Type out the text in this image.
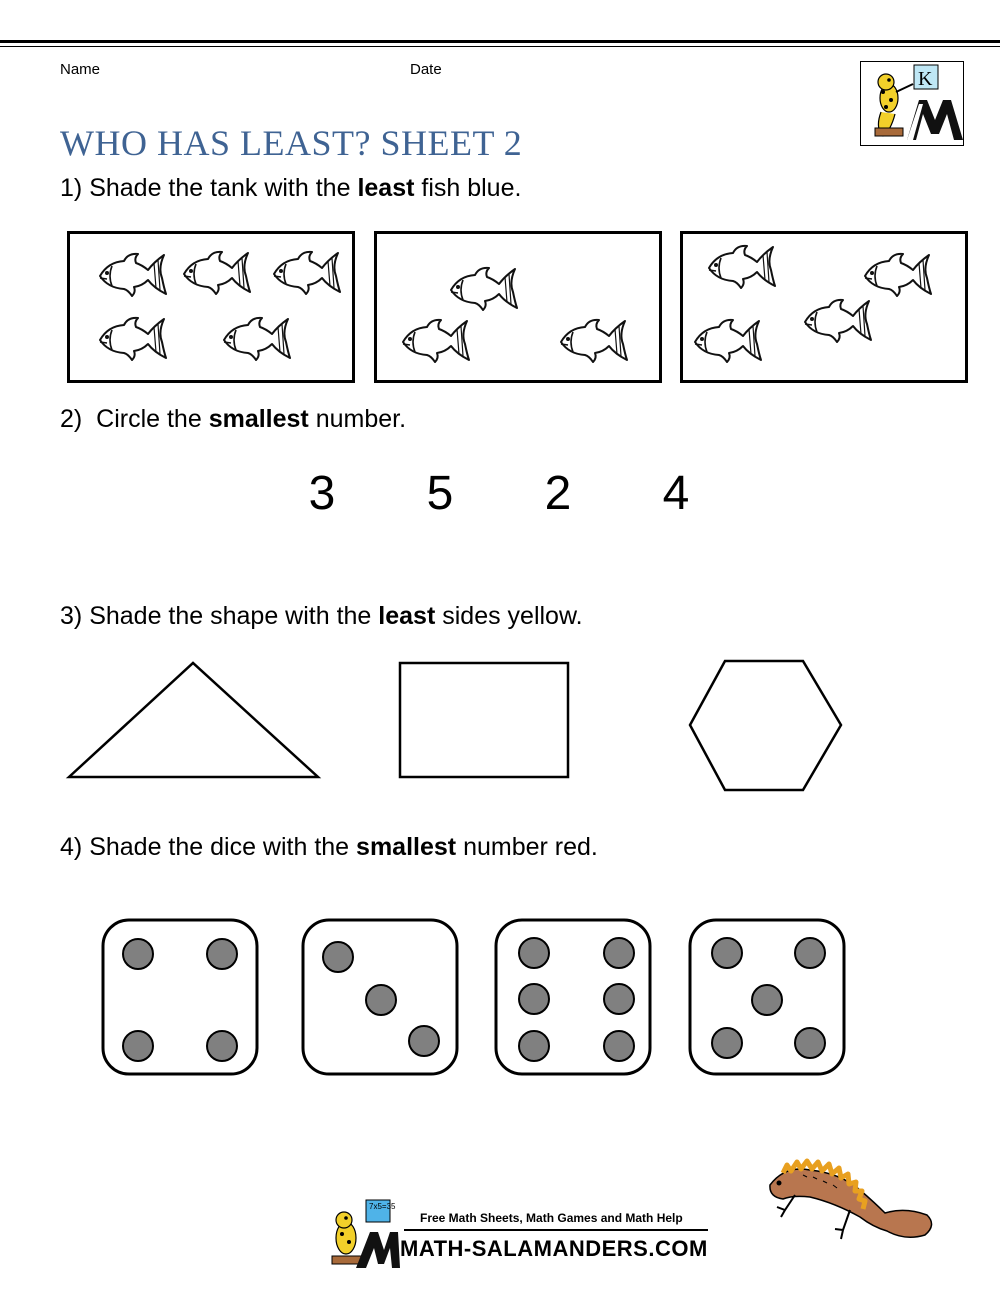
Name	Date	K
WHO HAS LEAST? SHEET 2
1) Shade the tank with the least fish blue.
2) Circle the smallest number.
3	5	2	4
3) Shade the shape with the least sides yellow.
4) Shade the dice with the smallest number red.
7x5=35
Free Math Sheets, Math Games and Math Help
MATH-SALAMANDERS.COM
